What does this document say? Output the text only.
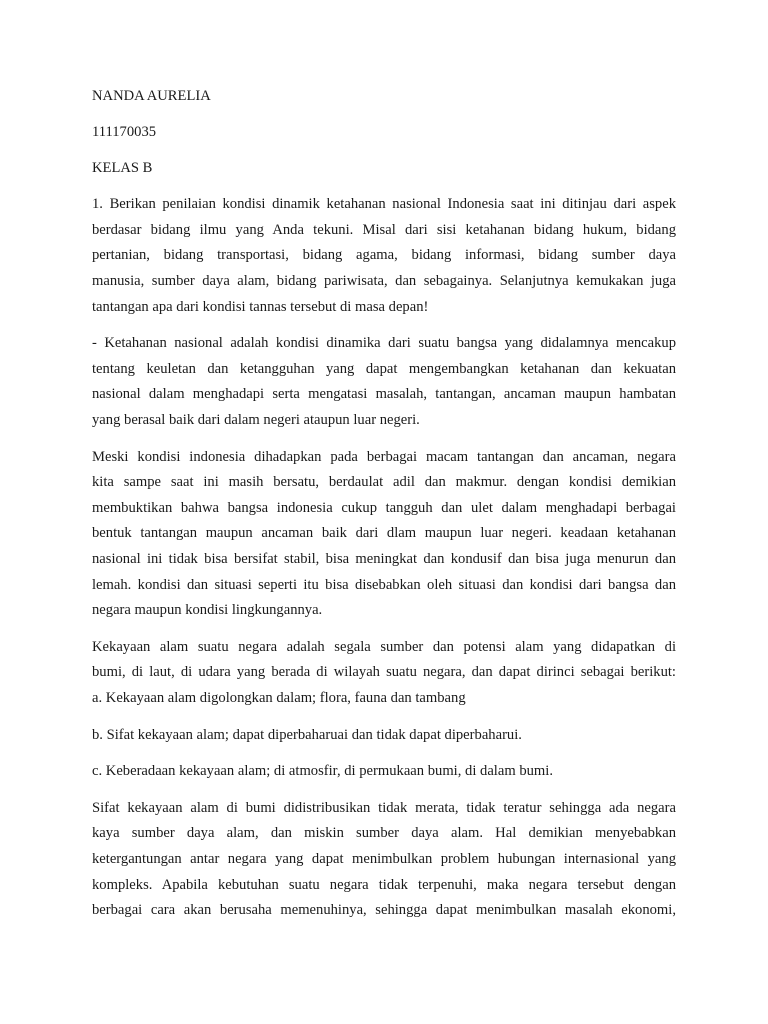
NANDA AURELIA
111170035
KELAS B
1. Berikan penilaian kondisi dinamik ketahanan nasional Indonesia saat ini ditinjau dari aspek
berdasar bidang ilmu yang Anda tekuni. Misal dari sisi ketahanan bidang hukum, bidang
pertanian, bidang transportasi, bidang agama, bidang informasi, bidang sumber daya
manusia, sumber daya alam, bidang pariwisata, dan sebagainya. Selanjutnya kemukakan juga
tantangan apa dari kondisi tannas tersebut di masa depan!
- Ketahanan nasional adalah kondisi dinamika dari suatu bangsa yang didalamnya mencakup
tentang keuletan dan ketangguhan yang dapat mengembangkan ketahanan dan kekuatan
nasional dalam menghadapi serta mengatasi masalah, tantangan, ancaman maupun hambatan
yang berasal baik dari dalam negeri ataupun luar negeri.
Meski kondisi indonesia dihadapkan pada berbagai macam tantangan dan ancaman, negara
kita sampe saat ini masih bersatu, berdaulat adil dan makmur. dengan kondisi demikian
membuktikan bahwa bangsa indonesia cukup tangguh dan ulet dalam menghadapi berbagai
bentuk tantangan maupun ancaman baik dari dlam maupun luar negeri. keadaan ketahanan
nasional ini tidak bisa bersifat stabil, bisa meningkat dan kondusif dan bisa juga menurun dan
lemah. kondisi dan situasi seperti itu bisa disebabkan oleh situasi dan kondisi dari bangsa dan
negara maupun kondisi lingkungannya.
Kekayaan alam suatu negara adalah segala sumber dan potensi alam yang didapatkan di
bumi, di laut, di udara yang berada di wilayah suatu negara, dan dapat dirinci sebagai berikut:
a. Kekayaan alam digolongkan dalam; flora, fauna dan tambang
b. Sifat kekayaan alam; dapat diperbaharuai dan tidak dapat diperbaharui.
c. Keberadaan kekayaan alam; di atmosfir, di permukaan bumi, di dalam bumi.
Sifat kekayaan alam di bumi didistribusikan tidak merata, tidak teratur sehingga ada negara
kaya sumber daya alam, dan miskin sumber daya alam. Hal demikian menyebabkan
ketergantungan antar negara yang dapat menimbulkan problem hubungan internasional yang
kompleks. Apabila kebutuhan suatu negara tidak terpenuhi, maka negara tersebut dengan
berbagai cara akan berusaha memenuhinya, sehingga dapat menimbulkan masalah ekonomi,
